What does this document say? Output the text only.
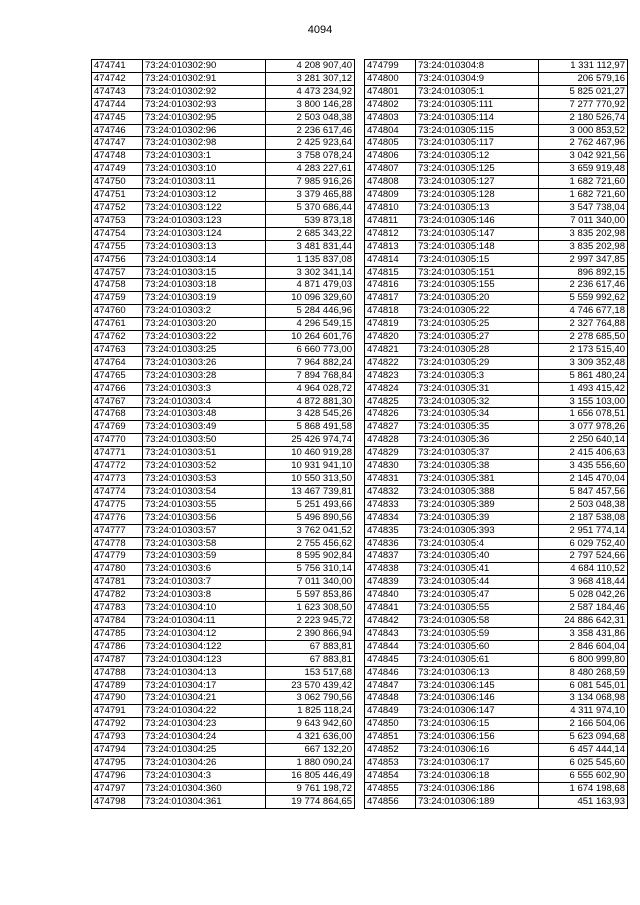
4094
474741	73:24:010302:90	4 208 907,40
474742	73:24:010302:91	3 281 307,12
474743	73:24:010302:92	4 473 234,92
474744	73:24:010302:93	3 800 146,28
474745	73:24:010302:95	2 503 048,38
474746	73:24:010302:96	2 236 617,46
474747	73:24:010302:98	2 425 923,64
474748	73:24:010303:1	3 758 078,24
474749	73:24:010303:10	4 283 227,61
474750	73:24:010303:11	7 985 916,26
474751	73:24:010303:12	3 379 465,88
474752	73:24:010303:122	5 370 686,44
474753	73:24:010303:123	539 873,18
474754	73:24:010303:124	2 685 343,22
474755	73:24:010303:13	3 481 831,44
474756	73:24:010303:14	1 135 837,08
474757	73:24:010303:15	3 302 341,14
474758	73:24:010303:18	4 871 479,03
474759	73:24:010303:19	10 096 329,60
474760	73:24:010303:2	5 284 446,96
474761	73:24:010303:20	4 296 549,15
474762	73:24:010303:22	10 264 601,76
474763	73:24:010303:25	6 660 773,00
474764	73:24:010303:26	7 964 882,24
474765	73:24:010303:28	7 894 768,84
474766	73:24:010303:3	4 964 028,72
474767	73:24:010303:4	4 872 881,30
474768	73:24:010303:48	3 428 545,26
474769	73:24:010303:49	5 868 491,58
474770	73:24:010303:50	25 426 974,74
474771	73:24:010303:51	10 460 919,28
474772	73:24:010303:52	10 931 941,10
474773	73:24:010303:53	10 550 313,50
474774	73:24:010303:54	13 467 739,81
474775	73:24:010303:55	5 251 493,66
474776	73:24:010303:56	5 496 890,56
474777	73:24:010303:57	3 762 041,52
474778	73:24:010303:58	2 755 456,62
474779	73:24:010303:59	8 595 902,84
474780	73:24:010303:6	5 756 310,14
474781	73:24:010303:7	7 011 340,00
474782	73:24:010303:8	5 597 853,86
474783	73:24:010304:10	1 623 308,50
474784	73:24:010304:11	2 223 945,72
474785	73:24:010304:12	2 390 866,94
474786	73:24:010304:122	67 883,81
474787	73:24:010304:123	67 883,81
474788	73:24:010304:13	153 517,68
474789	73:24:010304:17	23 570 439,42
474790	73:24:010304:21	3 062 790,56
474791	73:24:010304:22	1 825 118,24
474792	73:24:010304:23	9 643 942,60
474793	73:24:010304:24	4 321 636,00
474794	73:24:010304:25	667 132,20
474795	73:24:010304:26	1 880 090,24
474796	73:24:010304:3	16 805 446,49
474797	73:24:010304:360	9 761 198,72
474798	73:24:010304:361	19 774 864,65
474799	73:24:010304:8	1 331 112,97
474800	73:24:010304:9	206 579,16
474801	73:24:010305:1	5 825 021,27
474802	73:24:010305:111	7 277 770,92
474803	73:24:010305:114	2 180 526,74
474804	73:24:010305:115	3 000 853,52
474805	73:24:010305:117	2 762 467,96
474806	73:24:010305:12	3 042 921,56
474807	73:24:010305:125	3 659 919,48
474808	73:24:010305:127	1 682 721,60
474809	73:24:010305:128	1 682 721,60
474810	73:24:010305:13	3 547 738,04
474811	73:24:010305:146	7 011 340,00
474812	73:24:010305:147	3 835 202,98
474813	73:24:010305:148	3 835 202,98
474814	73:24:010305:15	2 997 347,85
474815	73:24:010305:151	896 892,15
474816	73:24:010305:155	2 236 617,46
474817	73:24:010305:20	5 559 992,62
474818	73:24:010305:22	4 746 677,18
474819	73:24:010305:25	2 327 764,88
474820	73:24:010305:27	2 278 685,50
474821	73:24:010305:28	2 173 515,40
474822	73:24:010305:29	3 309 352,48
474823	73:24:010305:3	5 861 480,24
474824	73:24:010305:31	1 493 415,42
474825	73:24:010305:32	3 155 103,00
474826	73:24:010305:34	1 656 078,51
474827	73:24:010305:35	3 077 978,26
474828	73:24:010305:36	2 250 640,14
474829	73:24:010305:37	2 415 406,63
474830	73:24:010305:38	3 435 556,60
474831	73:24:010305:381	2 145 470,04
474832	73:24:010305:388	5 847 457,56
474833	73:24:010305:389	2 503 048,38
474834	73:24:010305:39	2 187 538,08
474835	73:24:010305:393	2 951 774,14
474836	73:24:010305:4	6 029 752,40
474837	73:24:010305:40	2 797 524,66
474838	73:24:010305:41	4 684 110,52
474839	73:24:010305:44	3 968 418,44
474840	73:24:010305:47	5 028 042,26
474841	73:24:010305:55	2 587 184,46
474842	73:24:010305:58	24 886 642,31
474843	73:24:010305:59	3 358 431,86
474844	73:24:010305:60	2 846 604,04
474845	73:24:010305:61	6 800 999,80
474846	73:24:010306:13	8 480 268,59
474847	73:24:010306:145	6 081 545,01
474848	73:24:010306:146	3 134 068,98
474849	73:24:010306:147	4 311 974,10
474850	73:24:010306:15	2 166 504,06
474851	73:24:010306:156	5 623 094,68
474852	73:24:010306:16	6 457 444,14
474853	73:24:010306:17	6 025 545,60
474854	73:24:010306:18	6 555 602,90
474855	73:24:010306:186	1 674 198,68
474856	73:24:010306:189	451 163,93
